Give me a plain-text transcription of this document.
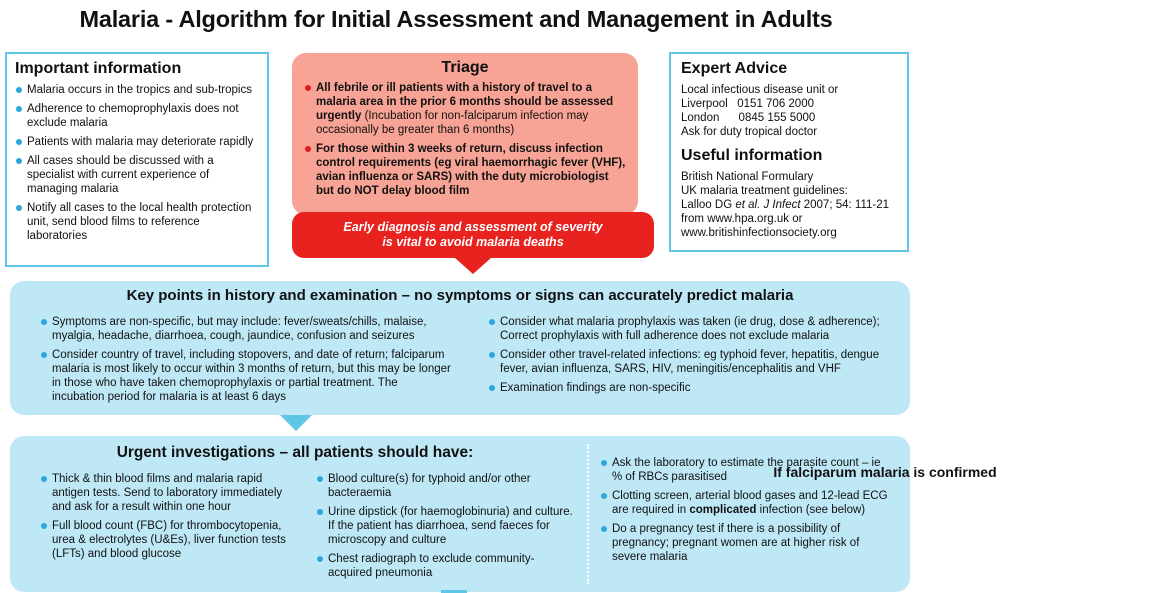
Malaria - Algorithm for Initial Assessment and Management in Adults
Important information
Malaria occurs in the tropics and sub-tropics
Adherence to chemoprophylaxis does not exclude malaria
Patients with malaria may deteriorate rapidly
All cases should be discussed with a specialist with current experience of managing malaria
Notify all cases to the local health protection unit, send blood films to reference laboratories
Triage
All febrile or ill patients with a history of travel to a malaria area in the prior 6 months should be assessed urgently (Incubation for non-falciparum infection may occasionally be greater than 6 months)
For those within 3 weeks of return, discuss infection control requirements (eg viral haemorrhagic fever (VHF), avian influenza or SARS) with the duty microbiologist but do NOT delay blood film
Early diagnosis and assessment of severity
is vital to avoid malaria deaths
Expert Advice

Local infectious disease unit or

Liverpool   0151 706 2000

London      0845 155 5000

Ask for duty tropical doctor

Useful information

British National Formulary

UK malaria treatment guidelines:

Lalloo DG et al. J Infect 2007; 54: 111-21

from www.hpa.org.uk or

www.britishinfectionsociety.org

Key points in history and examination – no symptoms or signs can accurately predict malaria
Symptoms are non-specific, but may include: fever/sweats/chills, malaise, myalgia, headache, diarrhoea, cough, jaundice, confusion and seizures
Consider country of travel, including stopovers, and date of return; falciparum malaria is most likely to occur within 3 months of return, but this may be longer in those who have taken chemoprophylaxis or partial treatment. The incubation period for malaria is at least 6 days
Consider what malaria prophylaxis was taken (ie drug, dose & adherence); Correct prophylaxis with full adherence does not exclude malaria
Consider other travel-related infections: eg typhoid fever, hepatitis, dengue fever, avian influenza, SARS, HIV, meningitis/encephalitis and VHF
Examination findings are non-specific
Urgent investigations – all patients should have:
Thick & thin blood films and malaria rapid antigen tests. Send to laboratory immediately and ask for a result within one hour
Full blood count (FBC) for thrombocytopenia, urea & electrolytes (U&Es), liver function tests (LFTs) and blood glucose
Blood culture(s) for typhoid and/or other bacteraemia
Urine dipstick (for haemoglobinuria) and culture. If the patient has diarrhoea, send faeces for microscopy and culture
Chest radiograph to exclude community-acquired pneumonia
If falciparum malaria is confirmed
Ask the laboratory to estimate the parasite count – ie % of RBCs parasitised
Clotting screen, arterial blood gases and 12-lead ECG are required in complicated infection (see below)
Do a pregnancy test if there is a possibility of pregnancy; pregnant women are at higher risk of severe malaria
